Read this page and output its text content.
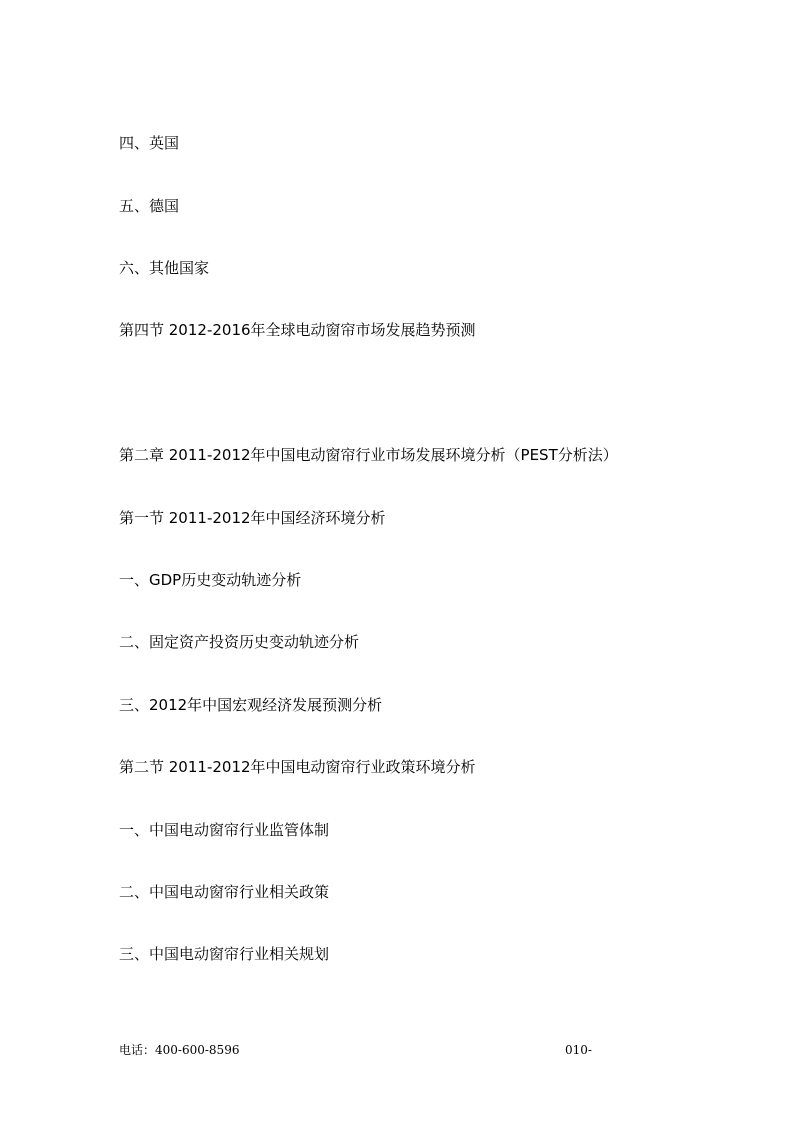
四、英国
五、德国
六、其他国家
第四节 2012-2016年全球电动窗帘市场发展趋势预测
第二章 2011-2012年中国电动窗帘行业市场发展环境分析（PEST分析法）
第一节 2011-2012年中国经济环境分析
一、GDP历史变动轨迹分析
二、固定资产投资历史变动轨迹分析
三、2012年中国宏观经济发展预测分析
第二节 2011-2012年中国电动窗帘行业政策环境分析
一、中国电动窗帘行业监管体制
二、中国电动窗帘行业相关政策
三、中国电动窗帘行业相关规划
电话：400-600-8596	010-
